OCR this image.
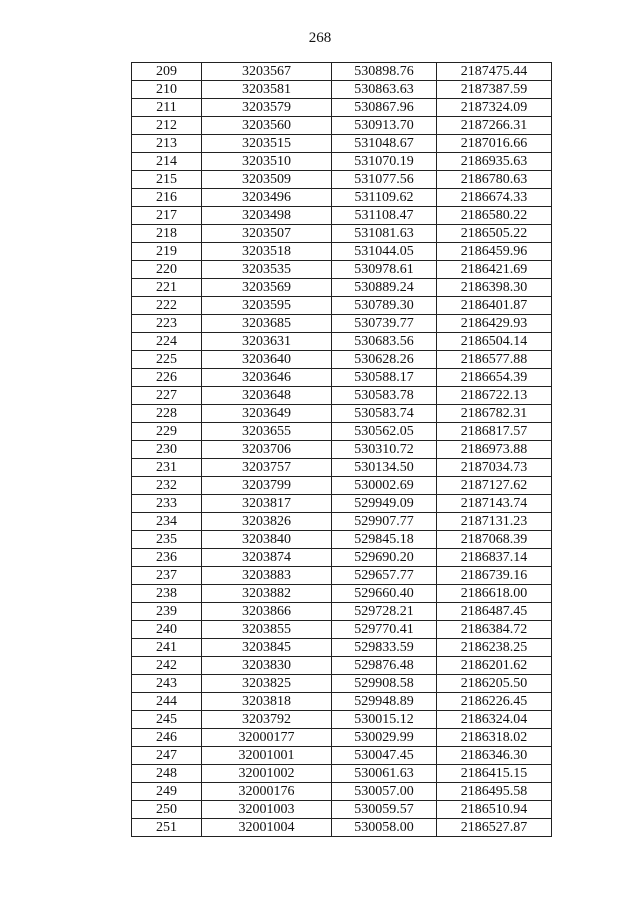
268
209	3203567	530898.76	2187475.44
210	3203581	530863.63	2187387.59
211	3203579	530867.96	2187324.09
212	3203560	530913.70	2187266.31
213	3203515	531048.67	2187016.66
214	3203510	531070.19	2186935.63
215	3203509	531077.56	2186780.63
216	3203496	531109.62	2186674.33
217	3203498	531108.47	2186580.22
218	3203507	531081.63	2186505.22
219	3203518	531044.05	2186459.96
220	3203535	530978.61	2186421.69
221	3203569	530889.24	2186398.30
222	3203595	530789.30	2186401.87
223	3203685	530739.77	2186429.93
224	3203631	530683.56	2186504.14
225	3203640	530628.26	2186577.88
226	3203646	530588.17	2186654.39
227	3203648	530583.78	2186722.13
228	3203649	530583.74	2186782.31
229	3203655	530562.05	2186817.57
230	3203706	530310.72	2186973.88
231	3203757	530134.50	2187034.73
232	3203799	530002.69	2187127.62
233	3203817	529949.09	2187143.74
234	3203826	529907.77	2187131.23
235	3203840	529845.18	2187068.39
236	3203874	529690.20	2186837.14
237	3203883	529657.77	2186739.16
238	3203882	529660.40	2186618.00
239	3203866	529728.21	2186487.45
240	3203855	529770.41	2186384.72
241	3203845	529833.59	2186238.25
242	3203830	529876.48	2186201.62
243	3203825	529908.58	2186205.50
244	3203818	529948.89	2186226.45
245	3203792	530015.12	2186324.04
246	32000177	530029.99	2186318.02
247	32001001	530047.45	2186346.30
248	32001002	530061.63	2186415.15
249	32000176	530057.00	2186495.58
250	32001003	530059.57	2186510.94
251	32001004	530058.00	2186527.87
